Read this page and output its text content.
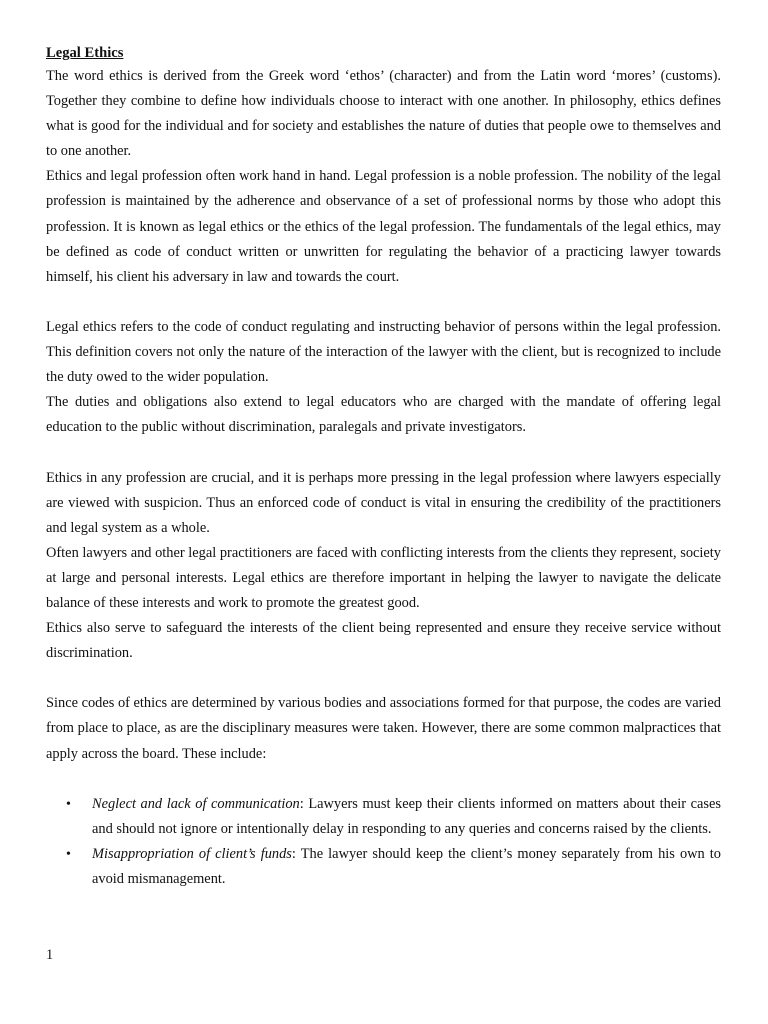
Legal Ethics

The word ethics is derived from the Greek word ‘ethos’ (character) and from the Latin word ‘mores’ (customs). Together they combine to define how individuals choose to interact with one another. In philosophy, ethics defines what is good for the individual and for society and establishes the nature of duties that people owe to themselves and to one another.

Ethics and legal profession often work hand in hand. Legal profession is a noble profession. The nobility of the legal profession is maintained by the adherence and observance of a set of professional norms by those who adopt this profession. It is known as legal ethics or the ethics of the legal profession. The fundamentals of the legal ethics, may be defined as code of conduct written or unwritten for regulating the behavior of a practicing lawyer towards himself, his client his adversary in law and towards the court.

Legal ethics refers to the code of conduct regulating and instructing behavior of persons within the legal profession. This definition covers not only the nature of the interaction of the lawyer with the client, but is recognized to include the duty owed to the wider population.

The duties and obligations also extend to legal educators who are charged with the mandate of offering legal education to the public without discrimination, paralegals and private investigators.

Ethics in any profession are crucial, and it is perhaps more pressing in the legal profession where lawyers especially are viewed with suspicion. Thus an enforced code of conduct is vital in ensuring the credibility of the practitioners and legal system as a whole.

Often lawyers and other legal practitioners are faced with conflicting interests from the clients they represent, society at large and personal interests. Legal ethics are therefore important in helping the lawyer to navigate the delicate balance of these interests and work to promote the greatest good.

Ethics also serve to safeguard the interests of the client being represented and ensure they receive service without discrimination.

Since codes of ethics are determined by various bodies and associations formed for that purpose, the codes are varied from place to place, as are the disciplinary measures were taken. However, there are some common malpractices that apply across the board. These include:

• Neglect and lack of communication: Lawyers must keep their clients informed on matters about their cases and should not ignore or intentionally delay in responding to any queries and concerns raised by the clients.
• Misappropriation of client’s funds: The lawyer should keep the client’s money separately from his own to avoid mismanagement.
1
